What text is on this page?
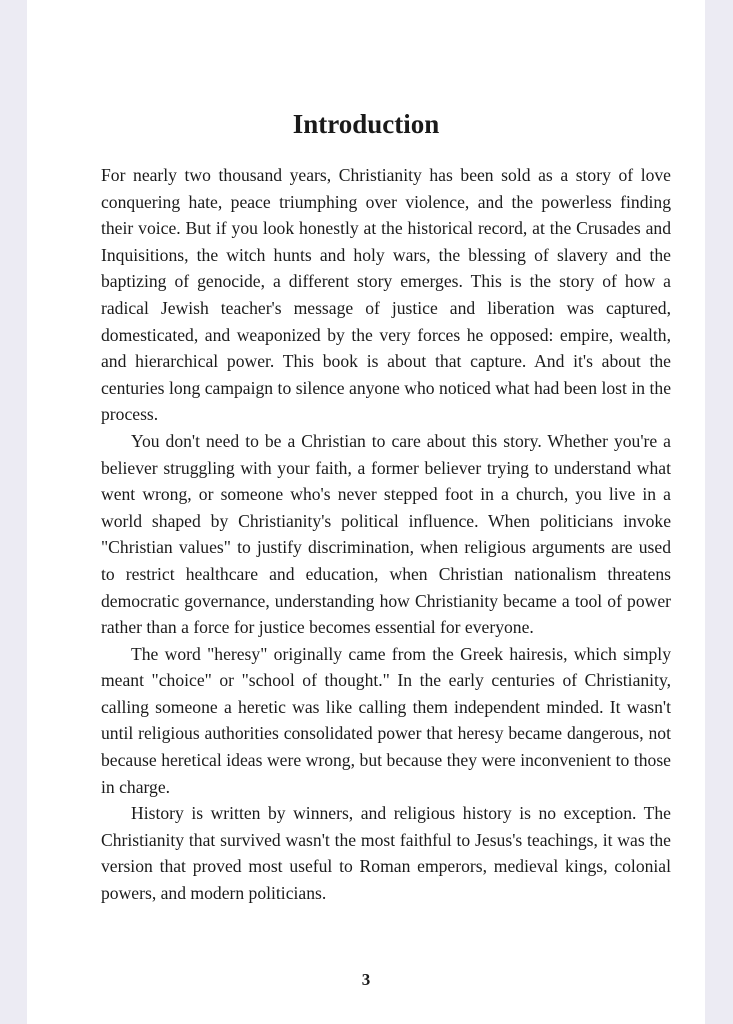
Introduction

For nearly two thousand years, Christianity has been sold as a story of love conquering hate, peace triumphing over violence, and the powerless finding their voice. But if you look honestly at the historical record, at the Crusades and Inquisitions, the witch hunts and holy wars, the blessing of slavery and the baptizing of genocide, a different story emerges. This is the story of how a radical Jewish teacher's message of justice and liberation was captured, domesticated, and weaponized by the very forces he opposed: empire, wealth, and hierarchical power. This book is about that capture. And it's about the centuries long campaign to silence anyone who noticed what had been lost in the process.

You don't need to be a Christian to care about this story. Whether you're a believer struggling with your faith, a former believer trying to understand what went wrong, or someone who's never stepped foot in a church, you live in a world shaped by Christianity's political influence. When politicians invoke "Christian values" to justify discrimination, when religious arguments are used to restrict healthcare and education, when Christian nationalism threatens democratic governance, understanding how Christianity became a tool of power rather than a force for justice becomes essential for everyone.

The word "heresy" originally came from the Greek hairesis, which simply meant "choice" or "school of thought." In the early centuries of Christianity, calling someone a heretic was like calling them independent minded. It wasn't until religious authorities consolidated power that heresy became dangerous, not because heretical ideas were wrong, but because they were inconvenient to those in charge.

History is written by winners, and religious history is no exception. The Christianity that survived wasn't the most faithful to Jesus's teachings, it was the version that proved most useful to Roman emperors, medieval kings, colonial powers, and modern politicians.

3
